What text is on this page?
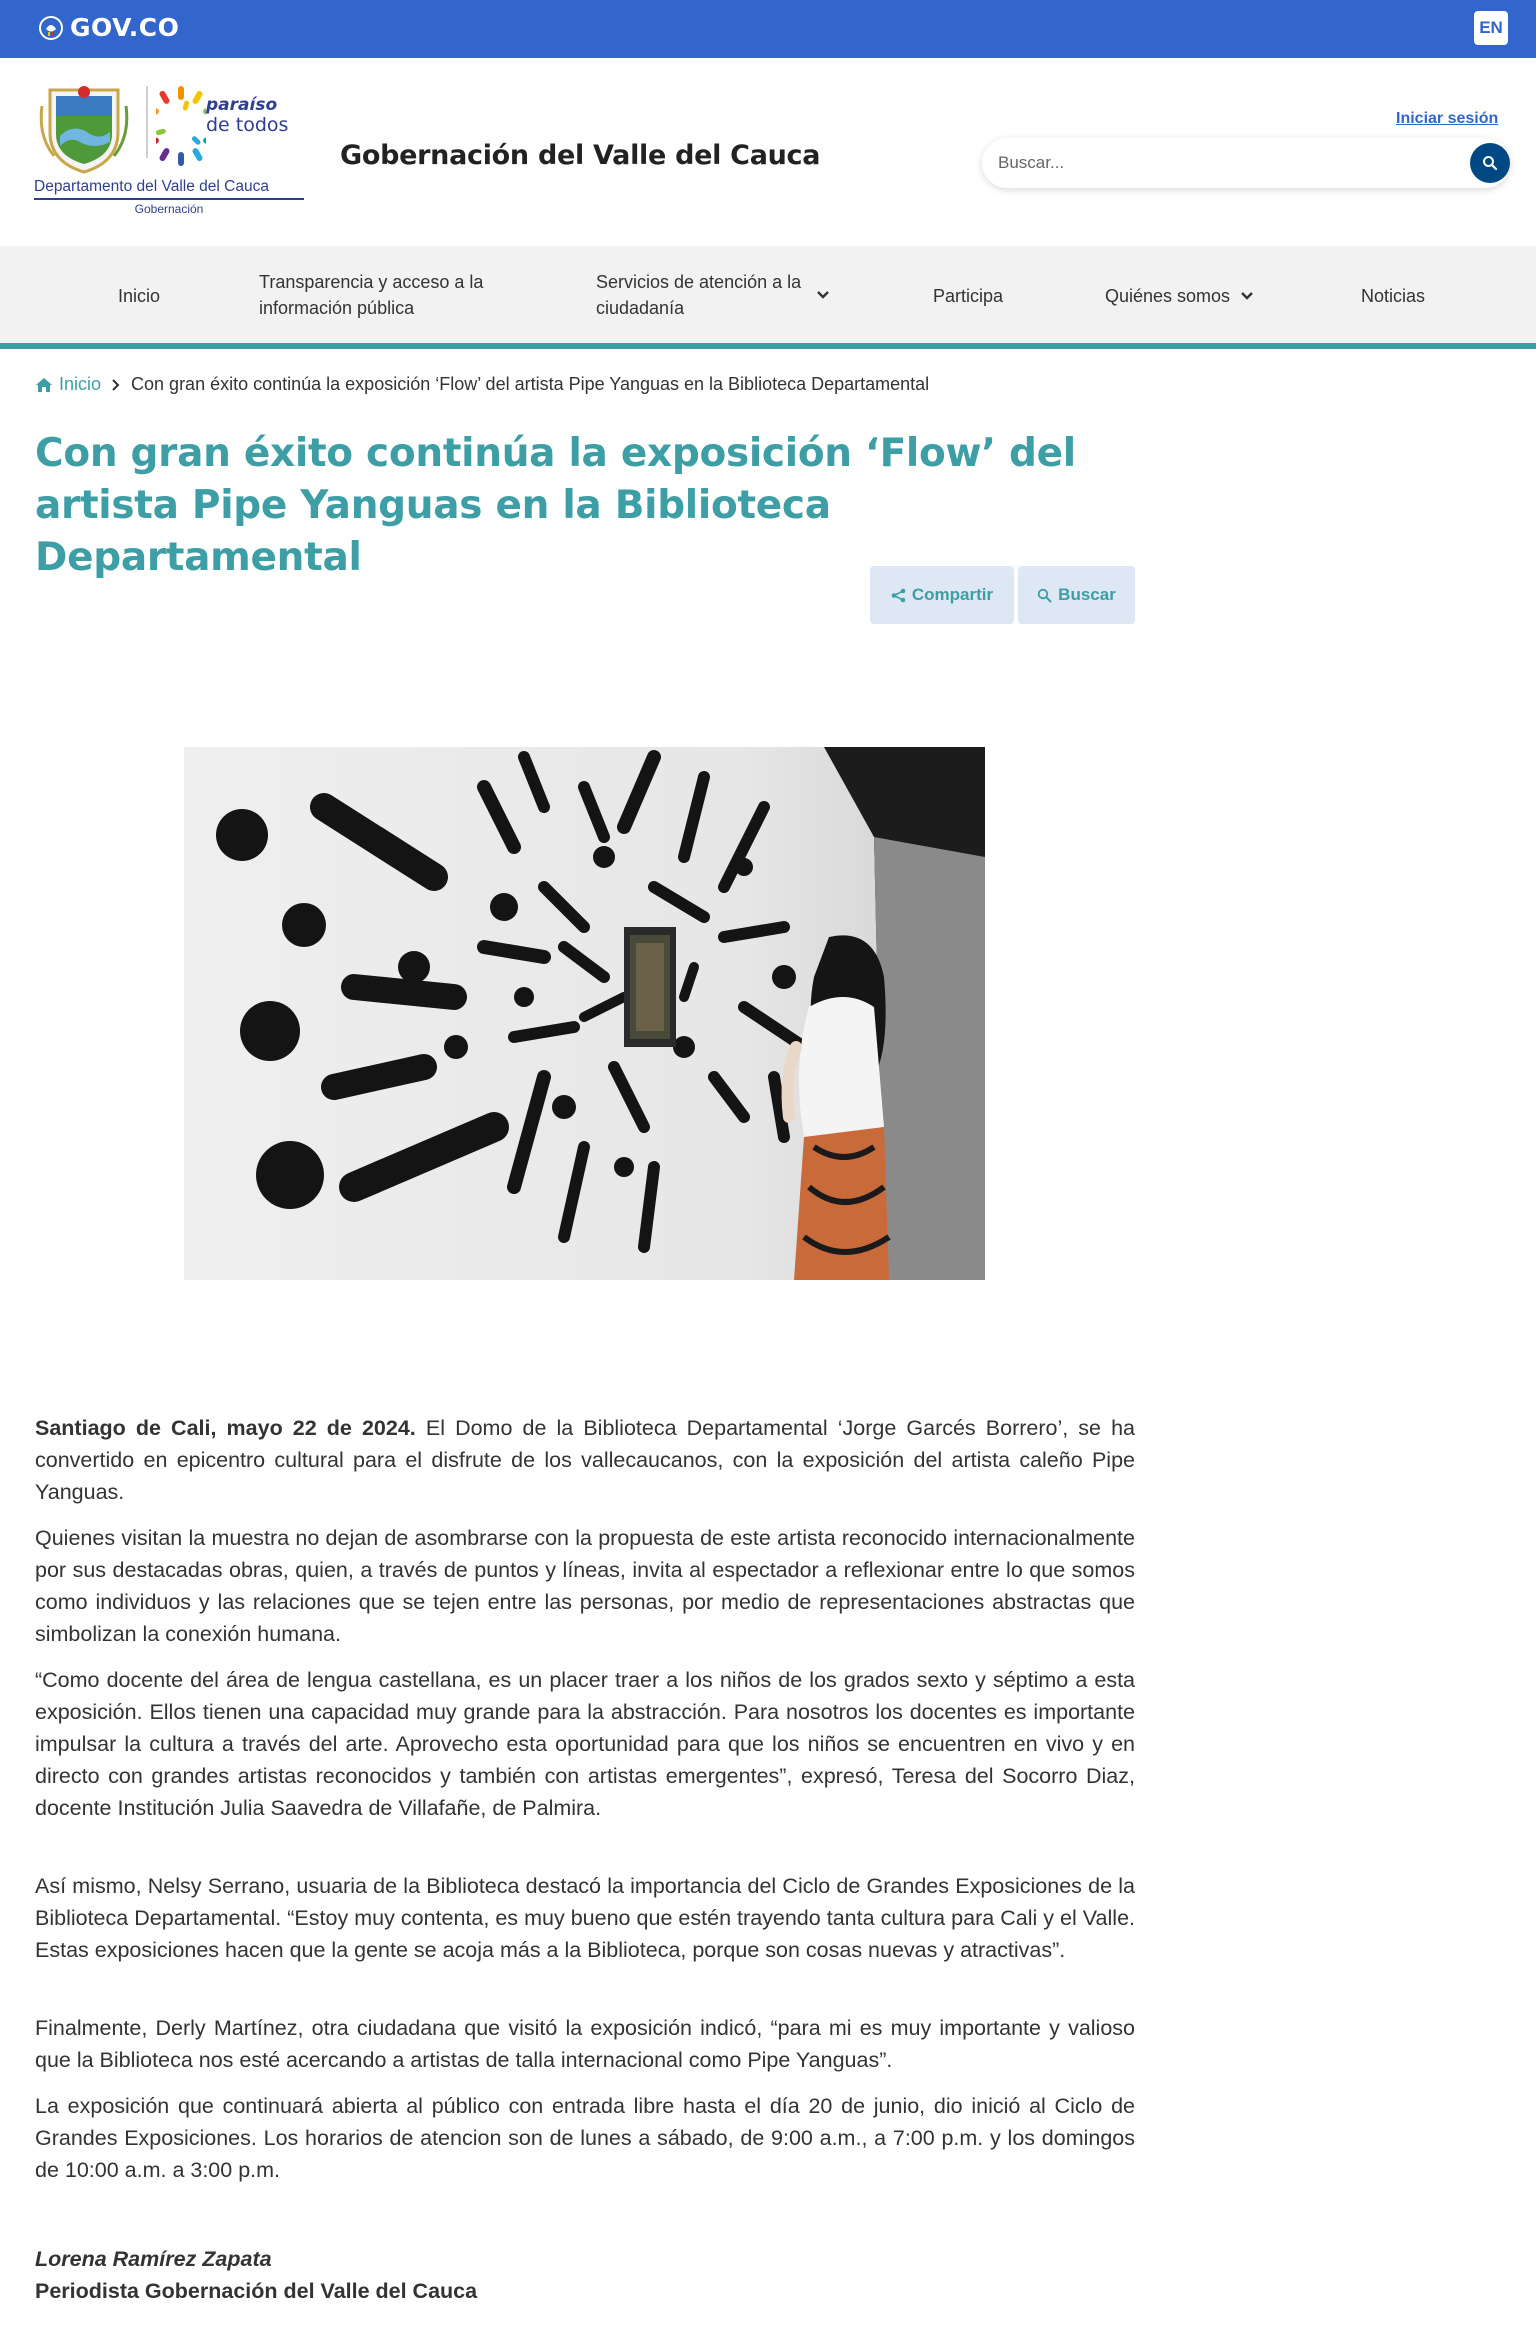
GOV.CO	EN
paraíso
de todos
Departamento del Valle del Cauca
Gobernación
Gobernación del Valle del Cauca
Iniciar sesión
Buscar...
Inicio
Transparencia y acceso a la información pública
Servicios de atención a la ciudadanía
Participa	Quiénes somos	Noticias
Inicio Con gran éxito continúa la exposición ‘Flow’ del artista Pipe Yanguas en la Biblioteca Departamental
Con gran éxito continúa la exposición ‘Flow’ del artista Pipe Yanguas en la Biblioteca Departamental
Compartir	Buscar

Santiago de Cali, mayo 22 de 2024. El Domo de la Biblioteca Departamental ‘Jorge Garcés Borrero’, se ha convertido en epicentro cultural para el disfrute de los vallecaucanos, con la exposición del artista caleño Pipe Yanguas.

Quienes visitan la muestra no dejan de asombrarse con la propuesta de este artista reconocido internacionalmente por sus destacadas obras, quien, a través de puntos y líneas, invita al espectador a reflexionar entre lo que somos como individuos y las relaciones que se tejen entre las personas, por medio de representaciones abstractas que simbolizan la conexión humana.

“Como docente del área de lengua castellana, es un placer traer a los niños de los grados sexto y séptimo a esta exposición. Ellos tienen una capacidad muy grande para la abstracción. Para nosotros los docentes es importante impulsar la cultura a través del arte. Aprovecho esta oportunidad para que los niños se encuentren en vivo y en directo con grandes artistas reconocidos y también con artistas emergentes”, expresó, Teresa del Socorro Diaz, docente Institución Julia Saavedra de Villafañe, de Palmira.

Así mismo, Nelsy Serrano, usuaria de la Biblioteca destacó la importancia del Ciclo de Grandes Exposiciones de la Biblioteca Departamental. “Estoy muy contenta, es muy bueno que estén trayendo tanta cultura para Cali y el Valle. Estas exposiciones hacen que la gente se acoja más a la Biblioteca, porque son cosas nuevas y atractivas”.

Finalmente, Derly Martínez, otra ciudadana que visitó la exposición indicó, “para mi es muy importante y valioso que la Biblioteca nos esté acercando a artistas de talla internacional como Pipe Yanguas”.

La exposición que continuará abierta al público con entrada libre hasta el día 20 de junio, dio inició al Ciclo de Grandes Exposiciones. Los horarios de atencion son de lunes a sábado, de 9:00 a.m., a 7:00 p.m. y los domingos de 10:00 a.m. a 3:00 p.m.

Lorena Ramírez Zapata
Periodista Gobernación del Valle del Cauca
